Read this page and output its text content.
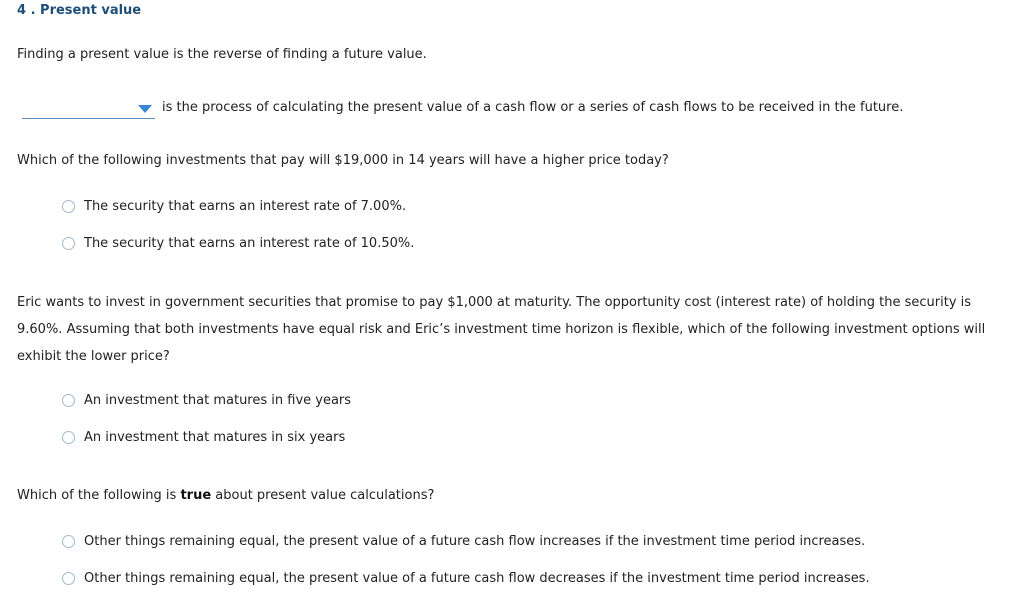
4 . Present value
Finding a present value is the reverse of finding a future value.
is the process of calculating the present value of a cash flow or a series of cash flows to be received in the future.
Which of the following investments that pay will $19,000 in 14 years will have a higher price today?
The security that earns an interest rate of 7.00%.
The security that earns an interest rate of 10.50%.
Eric wants to invest in government securities that promise to pay $1,000 at maturity. The opportunity cost (interest rate) of holding the security is 9.60%. Assuming that both investments have equal risk and Eric’s investment time horizon is flexible, which of the following investment options will exhibit the lower price?
An investment that matures in five years
An investment that matures in six years
Which of the following is true about present value calculations?
Other things remaining equal, the present value of a future cash flow increases if the investment time period increases.
Other things remaining equal, the present value of a future cash flow decreases if the investment time period increases.
